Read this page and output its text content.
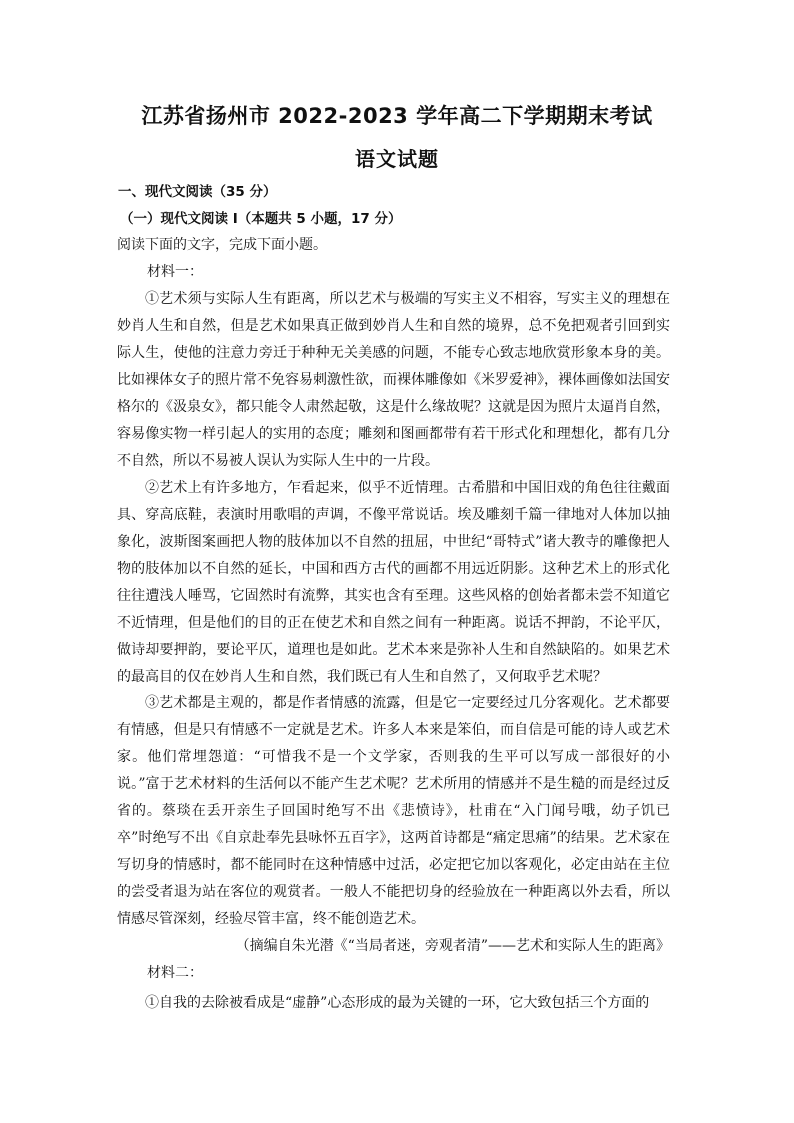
江苏省扬州市 2022-2023 学年高二下学期期末考试
语文试题
一、现代文阅读（35 分）
（一）现代文阅读 I（本题共 5 小题，17 分）

阅读下面的文字，完成下面小题。

材料一：

①艺术须与实际人生有距离，所以艺术与极端的写实主义不相容，写实主义的理想在妙肖人生和自然，但是艺术如果真正做到妙肖人生和自然的境界，总不免把观者引回到实际人生，使他的注意力旁迁于种种无关美感的问题，不能专心致志地欣赏形象本身的美。比如裸体女子的照片常不免容易刺激性欲，而裸体雕像如《米罗爱神》，裸体画像如法国安格尔的《汲泉女》，都只能令人肃然起敬，这是什么缘故呢？这就是因为照片太逼肖自然，容易像实物一样引起人的实用的态度；雕刻和图画都带有若干形式化和理想化，都有几分不自然，所以不易被人误认为实际人生中的一片段。

②艺术上有许多地方，乍看起来，似乎不近情理。古希腊和中国旧戏的角色往往戴面具、穿高底鞋，表演时用歌唱的声调，不像平常说话。埃及雕刻千篇一律地对人体加以抽象化，波斯图案画把人物的肢体加以不自然的扭屈，中世纪“哥特式”诸大教寺的雕像把人物的肢体加以不自然的延长，中国和西方古代的画都不用远近阴影。这种艺术上的形式化往往遭浅人唾骂，它固然时有流弊，其实也含有至理。这些风格的创始者都未尝不知道它不近情理，但是他们的目的正在使艺术和自然之间有一种距离。说话不押韵，不论平仄，做诗却要押韵，要论平仄，道理也是如此。艺术本来是弥补人生和自然缺陷的。如果艺术的最高目的仅在妙肖人生和自然，我们既已有人生和自然了，又何取乎艺术呢？

③艺术都是主观的，都是作者情感的流露，但是它一定要经过几分客观化。艺术都要有情感，但是只有情感不一定就是艺术。许多人本来是笨伯，而自信是可能的诗人或艺术家。他们常埋怨道：“可惜我不是一个文学家，否则我的生平可以写成一部很好的小说。”富于艺术材料的生活何以不能产生艺术呢？艺术所用的情感并不是生糙的而是经过反省的。蔡琰在丢开亲生子回国时绝写不出《悲愤诗》，杜甫在“入门闻号哦，幼子饥已卒”时绝写不出《自京赴奉先县咏怀五百字》，这两首诗都是“痛定思痛”的结果。艺术家在写切身的情感时，都不能同时在这种情感中过活，必定把它加以客观化，必定由站在主位的尝受者退为站在客位的观赏者。一般人不能把切身的经验放在一种距离以外去看，所以情感尽管深刻，经验尽管丰富，终不能创造艺术。

（摘编自朱光潜《“当局者迷，旁观者清”——艺术和实际人生的距离》
材料二：

①自我的去除被看成是“虚静”心态形成的最为关键的一环，它大致包括三个方面的
